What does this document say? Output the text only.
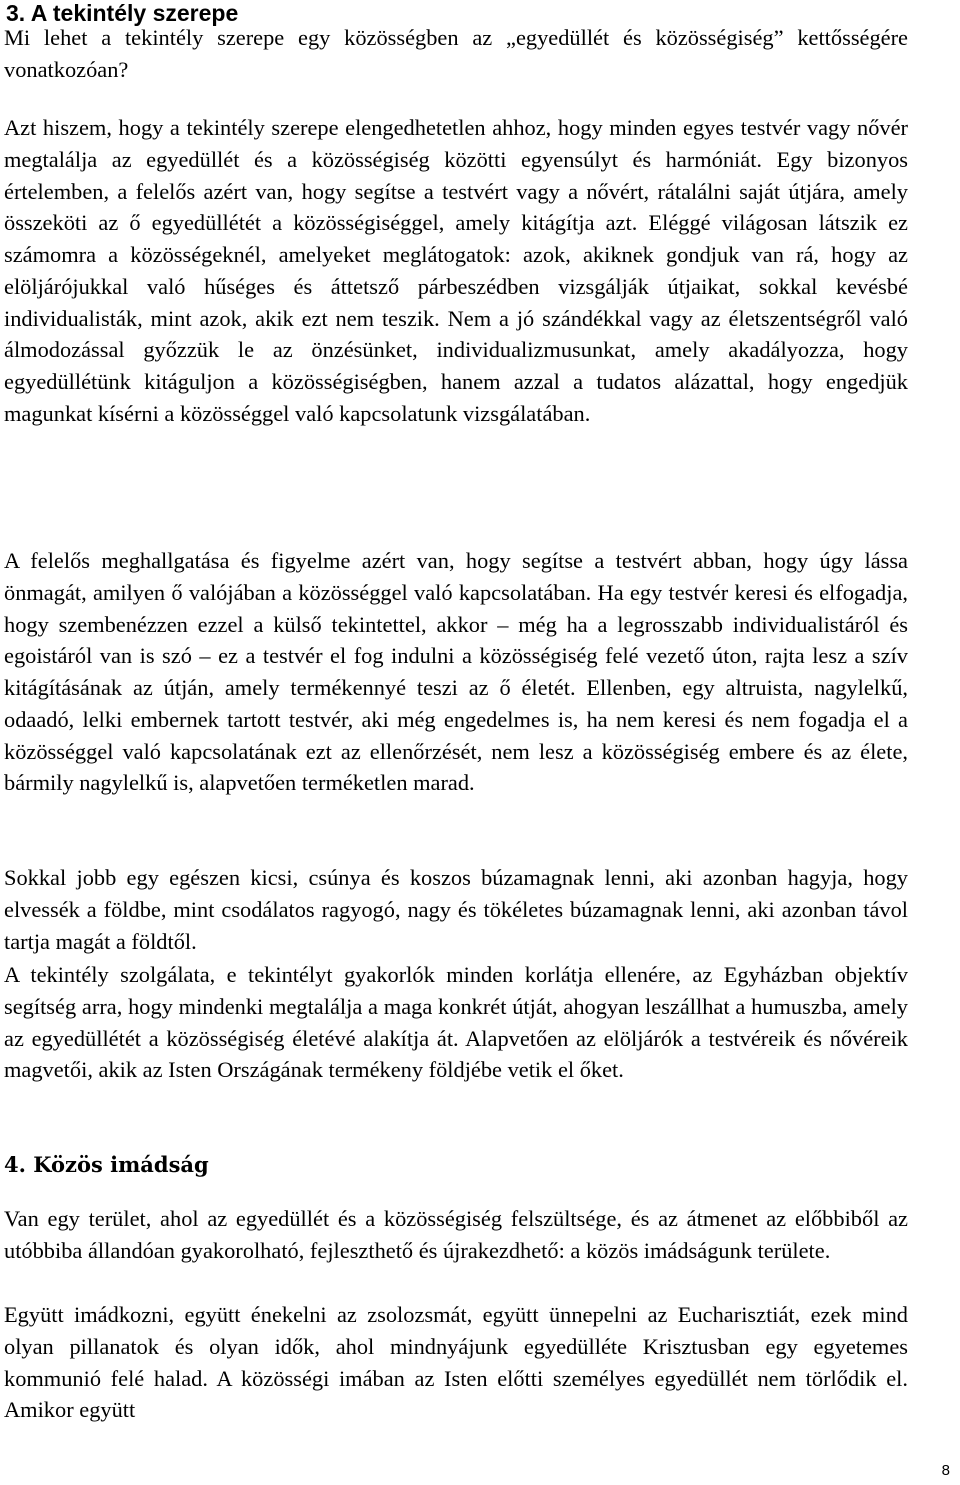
3. A tekintély szerepe

Mi lehet a tekintély szerepe egy közösségben az „egyedüllét és közösségiség” kettősségére vonatkozóan?

Azt hiszem, hogy a tekintély szerepe elengedhetetlen ahhoz, hogy minden egyes testvér vagy nővér megtalálja az egyedüllét és a közösségiség közötti egyensúlyt és harmóniát. Egy bizonyos értelemben, a felelős azért van, hogy segítse a testvért vagy a nővért, rátalálni saját útjára, amely összeköti az ő egyedüllétét a közösségiséggel, amely kitágítja azt. Eléggé világosan látszik ez számomra a közösségeknél, amelyeket meglátogatok: azok, akiknek gondjuk van rá, hogy az elöljárójukkal való hűséges és áttetsző párbeszédben vizsgálják útjaikat, sokkal kevésbé individualisták, mint azok, akik ezt nem teszik. Nem a jó szándékkal vagy az életszentségről való álmodozással győzzük le az önzésünket, individualizmusunkat, amely akadályozza, hogy egyedüllétünk kitáguljon a közösségiségben, hanem azzal a tudatos alázattal, hogy engedjük magunkat kísérni a közösséggel való kapcsolatunk vizsgálatában.

A felelős meghallgatása és figyelme azért van, hogy segítse a testvért abban, hogy úgy lássa önmagát, amilyen ő valójában a közösséggel való kapcsolatában. Ha egy testvér keresi és elfogadja, hogy szembenézzen ezzel a külső tekintettel, akkor – még ha a legrosszabb individualistáról és egoistáról van is szó – ez a testvér el fog indulni a közösségiség felé vezető úton, rajta lesz a szív kitágításának az útján, amely termékennyé teszi az ő életét. Ellenben, egy altruista, nagylelkű, odaadó, lelki embernek tartott testvér, aki még engedelmes is, ha nem keresi és nem fogadja el a közösséggel való kapcsolatának ezt az ellenőrzését, nem lesz a közösségiség embere és az élete, bármily nagylelkű is, alapvetően terméketlen marad.

Sokkal jobb egy egészen kicsi, csúnya és koszos búzamagnak lenni, aki azonban hagyja, hogy elvessék a földbe, mint csodálatos ragyogó, nagy és tökéletes búzamagnak lenni, aki azonban távol tartja magát a földtől.

A tekintély szolgálata, e tekintélyt gyakorlók minden korlátja ellenére, az Egyházban objektív segítség arra, hogy mindenki megtalálja a maga konkrét útját, ahogyan leszállhat a humuszba, amely az egyedüllétét a közösségiség életévé alakítja át. Alapvetően az elöljárók a testvéreik és nővéreik magvetői, akik az Isten Országának termékeny földjébe vetik el őket.

4. Közös imádság

Van egy terület, ahol az egyedüllét és a közösségiség felszültsége, és az átmenet az előbbiből az utóbbiba állandóan gyakorolható, fejleszthető és újrakezdhető: a közös imádságunk területe.

Együtt imádkozni, együtt énekelni az zsolozsmát, együtt ünnepelni az Eucharisztiát, ezek mind olyan pillanatok és olyan idők, ahol mindnyájunk egyedülléte Krisztusban egy egyetemes kommunió felé halad. A közösségi imában az Isten előtti személyes egyedüllét nem törlődik el. Amikor együtt

8
